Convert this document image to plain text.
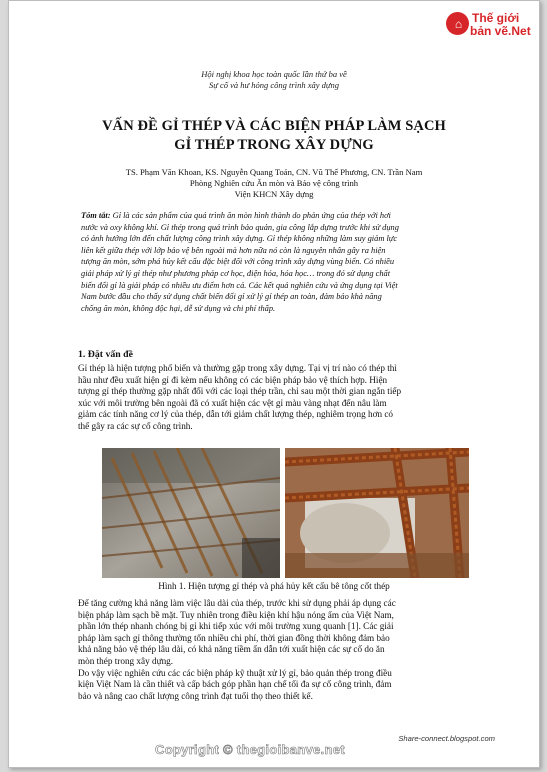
⌂ Thế giới
bản vẽ.Net
Hội nghị khoa học toàn quốc lần thứ ba về
Sự cố và hư hỏng công trình xây dựng
VẤN ĐỀ GỈ THÉP VÀ CÁC BIỆN PHÁP LÀM SẠCH
GỈ THÉP TRONG XÂY DỰNG
TS. Phạm Văn Khoan, KS. Nguyễn Quang Toản, CN. Vũ Thế Phương, CN. Trần Nam
Phòng Nghiên cứu Ăn mòn và Bảo vệ công trình
Viện KHCN Xây dựng
Tóm tắt: Gỉ là các sản phẩm của quá trình ăn mòn hình thành do phản ứng của thép với hơi
nước và oxy không khí. Gỉ thép trong quá trình bảo quản, gia công lắp dựng trước khi sử dụng
có ảnh hưởng lớn đến chất lượng công trình xây dựng. Gỉ thép không những làm suy giảm lực
liên kết giữa thép với lớp bảo vệ bên ngoài mà hơn nữa nó còn là nguyên nhân gây ra hiện
tượng ăn mòn, sớm phá hủy kết cấu đặc biệt đối với công trình xây dựng vùng biển. Có nhiều
giải pháp xử lý gỉ thép như phương pháp cơ học, điện hóa, hóa học… trong đó sử dụng chất
biến đổi gỉ là giải pháp có nhiều ưu điểm hơn cả. Các kết quả nghiên cứu và ứng dụng tại Việt
Nam bước đầu cho thấy sử dụng chất biến đổi gỉ xử lý gỉ thép an toàn, đảm bảo khả năng
chống ăn mòn, không độc hại, dễ sử dụng và chi phí thấp.
1. Đặt vấn đề
Gỉ thép là hiện tượng phổ biến và thường gặp trong xây dựng. Tại vị trí nào có thép thì
hầu như đều xuất hiện gỉ đi kèm nếu không có các biện pháp bảo vệ thích hợp. Hiện
tượng gỉ thép thường gặp nhất đối với các loại thép trần, chỉ sau một thời gian ngắn tiếp
xúc với môi trường bên ngoài đã có xuất hiện các vệt gỉ màu vàng nhạt đến nâu làm
giảm các tính năng cơ lý của thép, dẫn tới giảm chất lượng thép, nghiêm trọng hơn có
thể gây ra các sự cố công trình.
Hình 1. Hiện tượng gỉ thép và phá hủy kết cấu bê tông cốt thép
Để tăng cường khả năng làm việc lâu dài của thép, trước khi sử dụng phải áp dụng các
biện pháp làm sạch bề mặt. Tuy nhiên trong điều kiện khí hậu nóng ẩm của Việt Nam,
phần lớn thép nhanh chóng bị gỉ khi tiếp xúc với môi trường xung quanh [1]. Các giải
pháp làm sạch gỉ thông thường tốn nhiều chi phí, thời gian đồng thời không đảm bảo
khả năng bảo vệ thép lâu dài, có khả năng tiềm ẩn dẫn tới xuất hiện các sự cố do ăn
mòn thép trong xây dựng.
Do vậy việc nghiên cứu các các biện pháp kỹ thuật xử lý gỉ, bảo quản thép trong điều
kiện Việt Nam là cần thiết và cấp bách góp phần hạn chế tối đa sự cố công trình, đảm
bảo và nâng cao chất lượng công trình đạt tuổi thọ theo thiết kế.
Share-connect.blogspot.com
Copyright © thegioibanve.net
